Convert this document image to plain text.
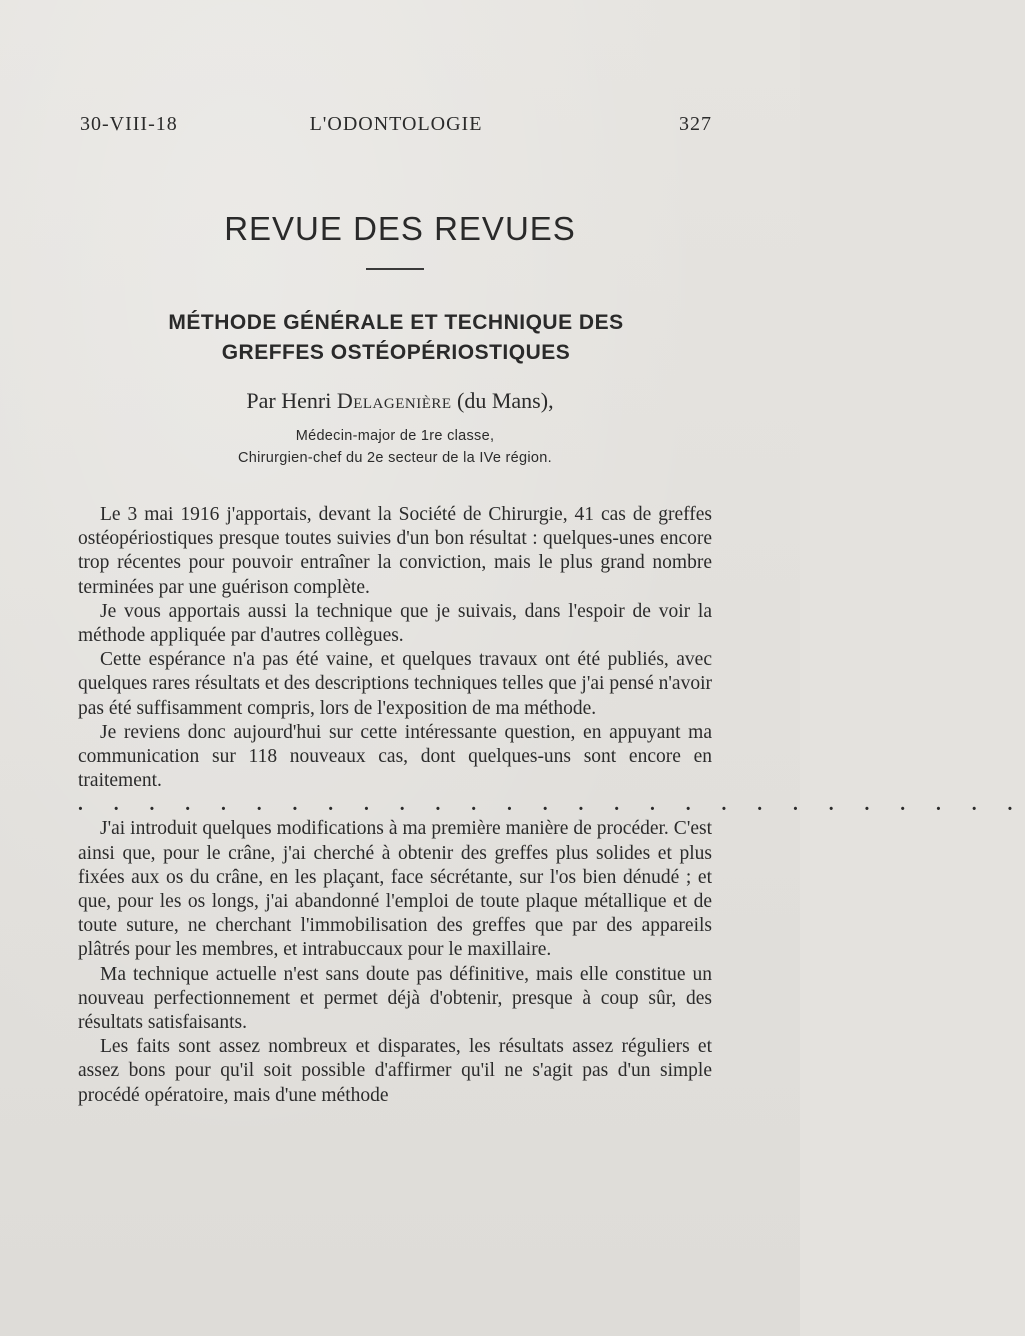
30-VIII-18	L'ODONTOLOGIE	327
REVUE DES REVUES
MÉTHODE GÉNÉRALE ET TECHNIQUE DES
GREFFES OSTÉOPÉRIOSTIQUES
Par Henri Delagenière (du Mans),
Médecin-major de 1re classe,
Chirurgien-chef du 2e secteur de la IVe région.

Le 3 mai 1916 j'apportais, devant la Société de Chirurgie, 41 cas de greffes ostéopériostiques presque toutes suivies d'un bon résultat : quelques-unes encore trop récentes pour pouvoir entraîner la conviction, mais le plus grand nombre terminées par une guérison complète.

Je vous apportais aussi la technique que je suivais, dans l'espoir de voir la méthode appliquée par d'autres collègues.

Cette espérance n'a pas été vaine, et quelques travaux ont été publiés, avec quelques rares résultats et des descriptions techniques telles que j'ai pensé n'avoir pas été suffisamment compris, lors de l'exposition de ma méthode.

Je reviens donc aujourd'hui sur cette intéressante question, en appuyant ma communication sur 118 nouveaux cas, dont quelques-uns sont encore en traitement.

. . . . . . . . . . . . . . . . . . . . . . . . . . .

J'ai introduit quelques modifications à ma première manière de procéder. C'est ainsi que, pour le crâne, j'ai cherché à obtenir des greffes plus solides et plus fixées aux os du crâne, en les plaçant, face sécrétante, sur l'os bien dénudé ; et que, pour les os longs, j'ai abandonné l'emploi de toute plaque métallique et de toute suture, ne cherchant l'immobilisation des greffes que par des appareils plâtrés pour les membres, et intrabuccaux pour le maxillaire.

Ma technique actuelle n'est sans doute pas définitive, mais elle constitue un nouveau perfectionnement et permet déjà d'obtenir, presque à coup sûr, des résultats satisfaisants.

Les faits sont assez nombreux et disparates, les résultats assez réguliers et assez bons pour qu'il soit possible d'affirmer qu'il ne s'agit pas d'un simple procédé opératoire, mais d'une méthode
